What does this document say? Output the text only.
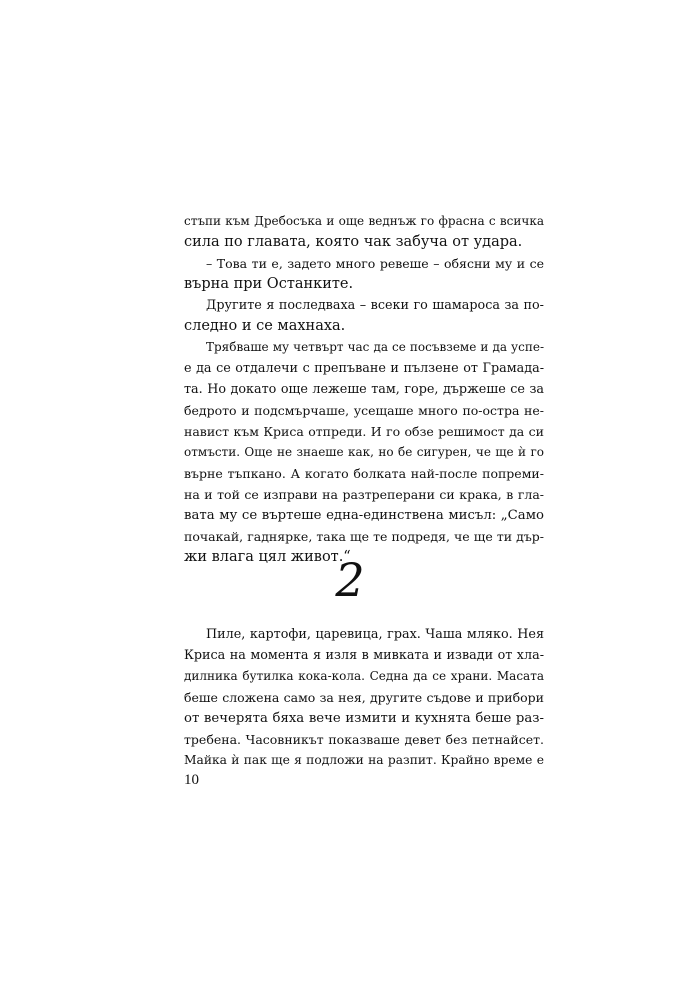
стъпи към Дребосъка и още веднъж го фрасна с всичка
сила по главата, която чак забуча от удара.
– Това ти е, задето много ревеше – обясни му и се
върна при Останките.
Другите я последваха – всеки го шамароса за по-
следно и се махнаха.
Трябваше му четвърт час да се посъвземе и да успе-
е да се отдалечи с препъване и пълзене от Грамада-
та. Но докато още лежеше там, горе, държеше се за
бедрото и подсмърчаше, усещаше много по-остра не-
навист към Криса отпреди. И го обзе решимост да си
отмъсти. Още не знаеше как, но бе сигурен, че ще ѝ го
върне тъпкано. А когато болката най-после попреми-
на и той се изправи на разтреперани си крака, в гла-
вата му се въртеше една-единствена мисъл: „Само
почакай, гаднярке, така ще те подредя, че ще ти дър-
жи влага цял живот.“
2
Пиле, картофи, царевица, грах. Чаша мляко. Нея
Криса на момента я изля в мивката и извади от хла-
дилника бутилка кока-кола. Седна да се храни. Масата
беше сложена само за нея, другите съдове и прибори
от вечерята бяха вече измити и кухнята беше раз-
требена. Часовникът показваше девет без петнайсет.
Майка ѝ пак ще я подложи на разпит. Крайно време е
10
